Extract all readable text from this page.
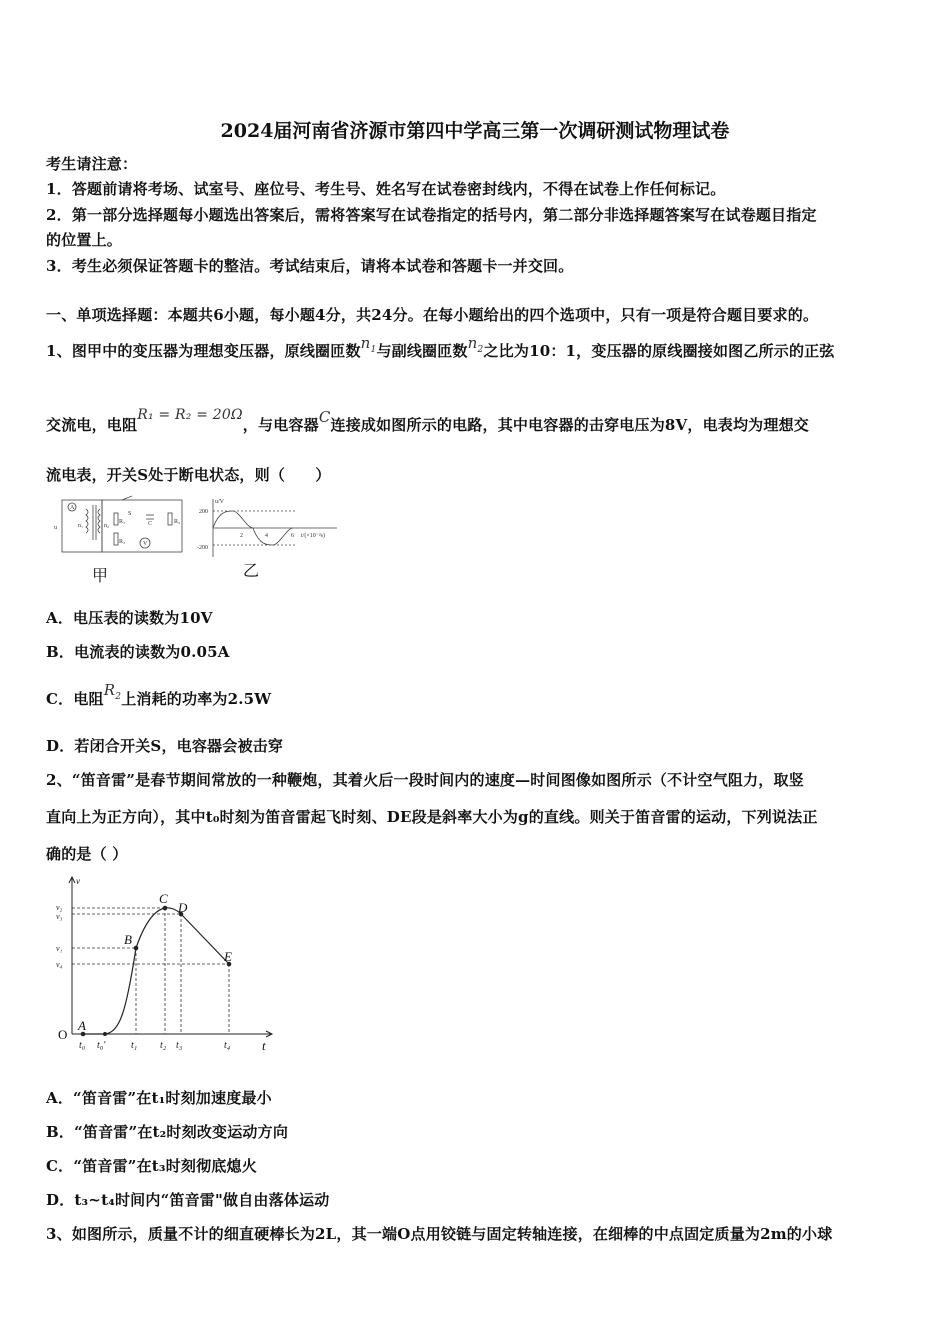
2024届河南省济源市第四中学高三第一次调研测试物理试卷
考生请注意：
1．答题前请将考场、试室号、座位号、考生号、姓名写在试卷密封线内，不得在试卷上作任何标记。
2．第一部分选择题每小题选出答案后，需将答案写在试卷指定的括号内，第二部分非选择题答案写在试卷题目指定
的位置上。
3．考生必须保证答题卡的整洁。考试结束后，请将本试卷和答题卡一并交回。
一、单项选择题：本题共6小题，每小题4分，共24分。在每小题给出的四个选项中，只有一项是符合题目要求的。
1、图甲中的变压器为理想变压器，原线圈匝数$n_1$与副线圈匝数$n_2$之比为10：1，变压器的原线圈接如图乙所示的正弦
交流电，电阻R₁ = R₂ = 20Ω，与电容器C连接成如图所示的电路，其中电容器的击穿电压为8V，电表均为理想交
流电表，开关S处于断电状态，则（　　）
A
u	n₁	n₂
S
R₁
R₂
C	R₃
V
甲
u/V
200
-200
2	4	6 t/(×10⁻²s)
乙
A．电压表的读数为10V
B．电流表的读数为0.05A
C．电阻$R_2$上消耗的功率为2.5W
D．若闭合开关S，电容器会被击穿
2、“笛音雷”是春节期间常放的一种鞭炮，其着火后一段时间内的速度—时间图像如图所示（不计空气阻力，取竖
直向上为正方向），其中t₀时刻为笛音雷起飞时刻、DE段是斜率大小为g的直线。则关于笛音雷的运动，下列说法正
确的是（ ）
A
B
C
D
E
v
t
O
v₂
v₃
v₁
v₄
t₀ t₀'	t₁ t₂ t₃	t₄
A．“笛音雷”在t₁时刻加速度最小
B．“笛音雷”在t₂时刻改变运动方向
C．“笛音雷”在t₃时刻彻底熄火
D．t₃~t₄时间内“笛音雷"做自由落体运动
3、如图所示，质量不计的细直硬棒长为2L，其一端O点用铰链与固定转轴连接，在细棒的中点固定质量为2m的小球
